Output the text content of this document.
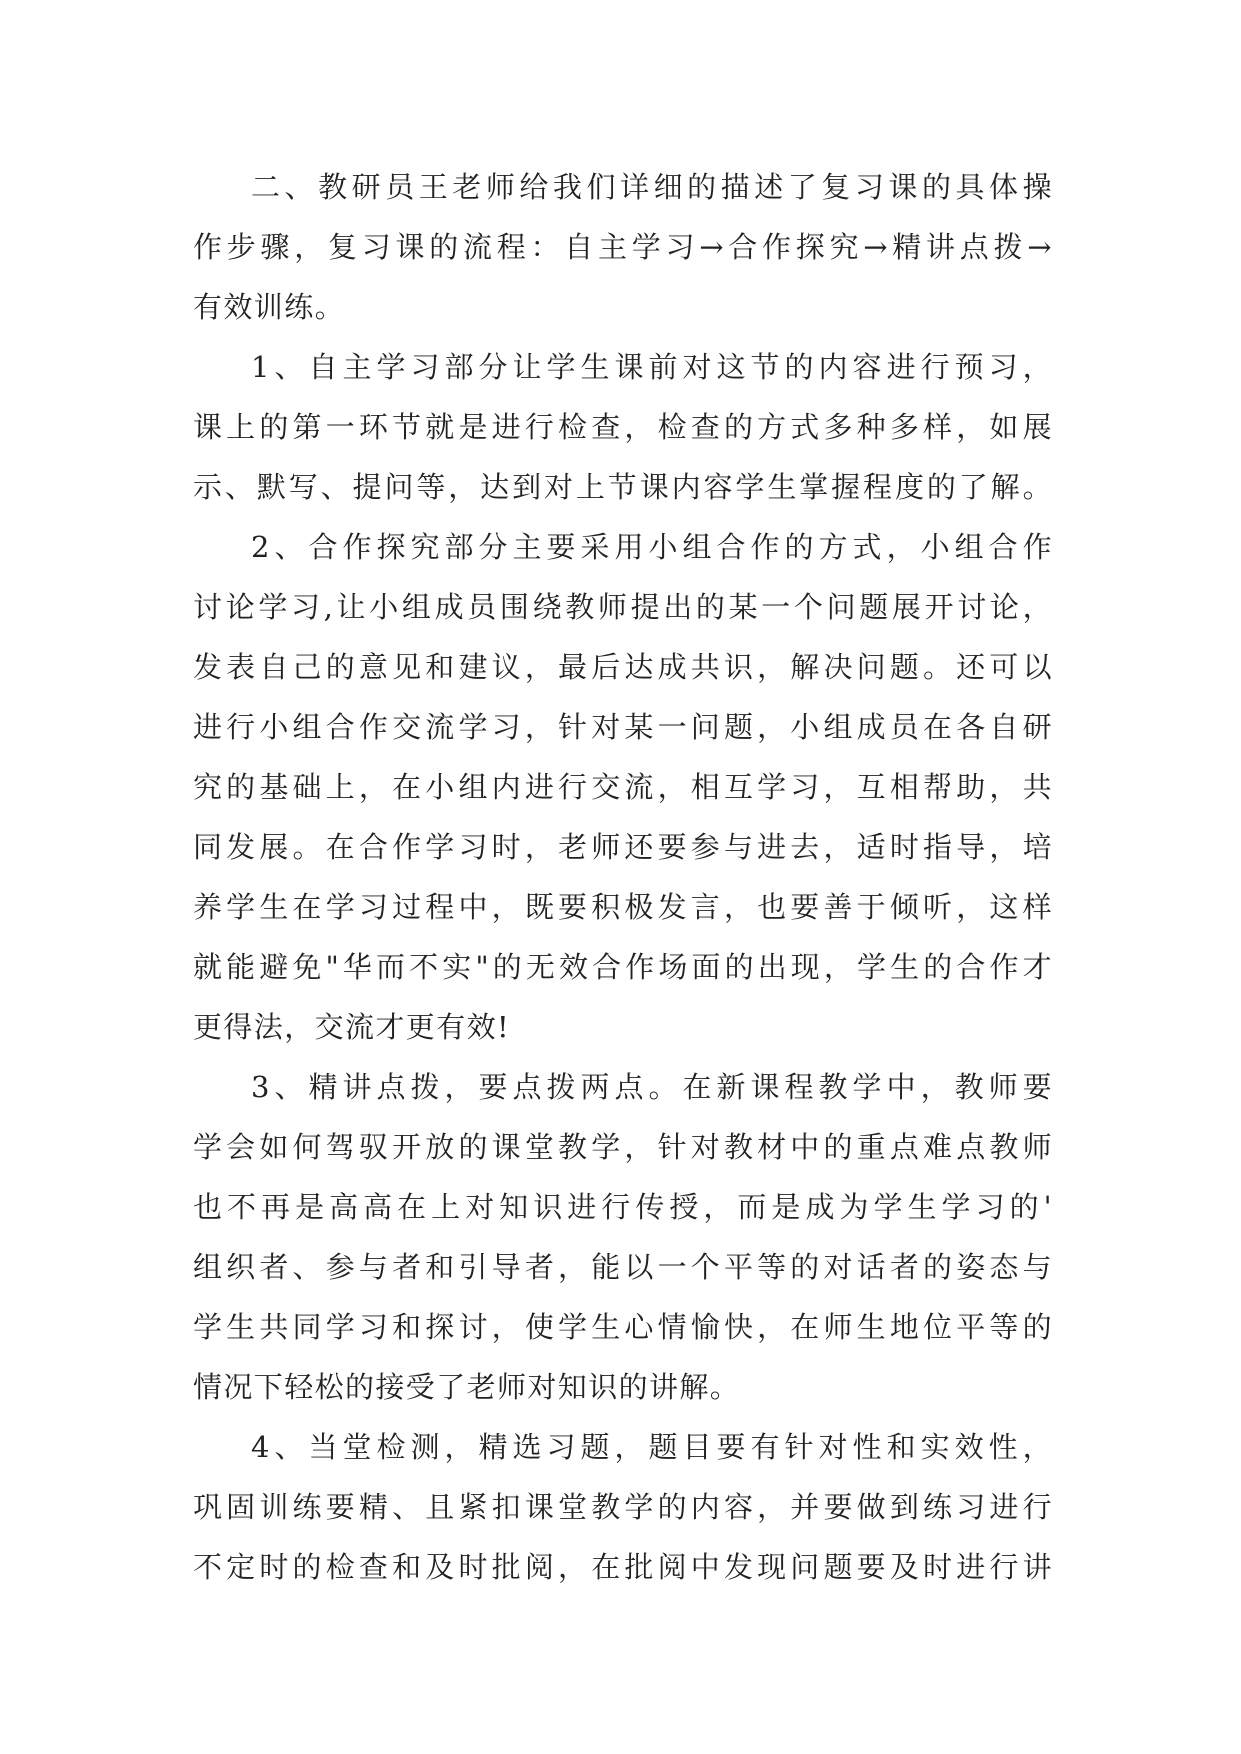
二、教研员王老师给我们详细的描述了复习课的具体操
作步骤，复习课的流程：自主学习→合作探究→精讲点拨→
有效训练。
1、自主学习部分让学生课前对这节的内容进行预习，
课上的第一环节就是进行检查，检查的方式多种多样，如展
示、默写、提问等，达到对上节课内容学生掌握程度的了解。
2、合作探究部分主要采用小组合作的方式，小组合作
讨论学习,让小组成员围绕教师提出的某一个问题展开讨论，
发表自己的意见和建议，最后达成共识，解决问题。还可以
进行小组合作交流学习，针对某一问题，小组成员在各自研
究的基础上，在小组内进行交流，相互学习，互相帮助，共
同发展。在合作学习时，老师还要参与进去，适时指导，培
养学生在学习过程中，既要积极发言，也要善于倾听，这样
就能避免"华而不实"的无效合作场面的出现，学生的合作才
更得法，交流才更有效!
3、精讲点拨，要点拨两点。在新课程教学中，教师要
学会如何驾驭开放的课堂教学，针对教材中的重点难点教师
也不再是高高在上对知识进行传授，而是成为学生学习的'
组织者、参与者和引导者，能以一个平等的对话者的姿态与
学生共同学习和探讨，使学生心情愉快，在师生地位平等的
情况下轻松的接受了老师对知识的讲解。
4、当堂检测，精选习题，题目要有针对性和实效性，
巩固训练要精、且紧扣课堂教学的内容，并要做到练习进行
不定时的检查和及时批阅，在批阅中发现问题要及时进行讲
